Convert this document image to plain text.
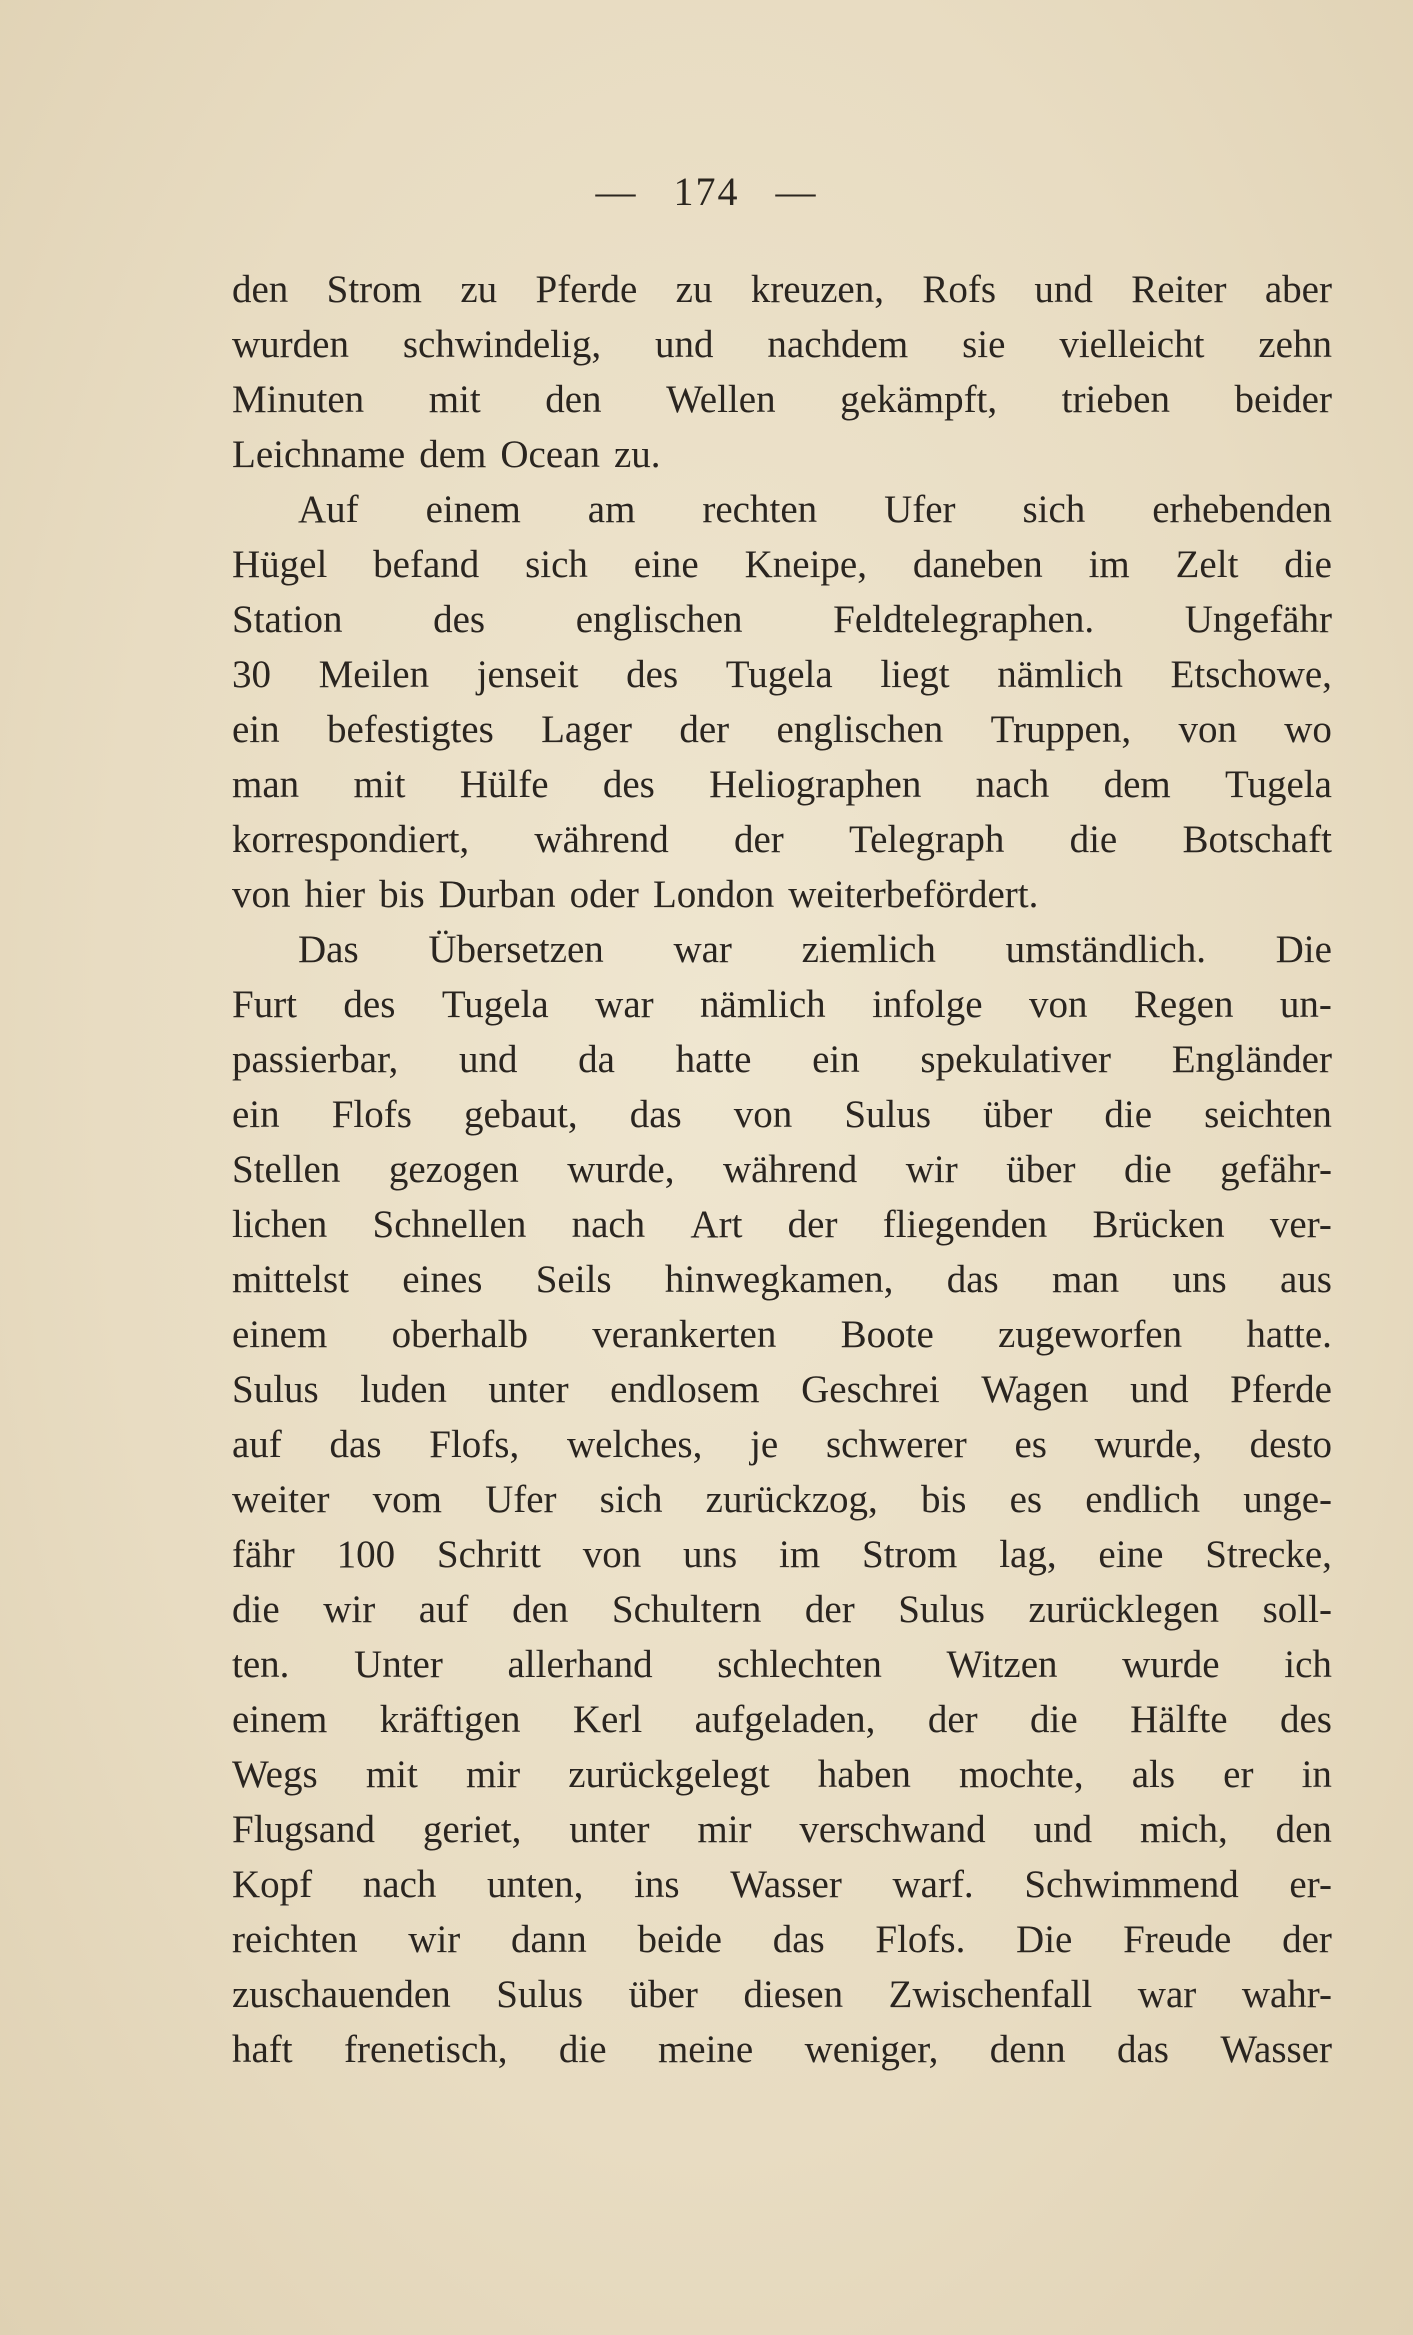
— 174 —
den Strom zu Pferde zu kreuzen, Rofs und Reiter aber
wurden schwindelig, und nachdem sie vielleicht zehn
Minuten mit den Wellen gekämpft, trieben beider
Leichname dem Ocean zu.
Auf einem am rechten Ufer sich erhebenden
Hügel befand sich eine Kneipe, daneben im Zelt die
Station des englischen Feldtelegraphen. Ungefähr
30 Meilen jenseit des Tugela liegt nämlich Etschowe,
ein befestigtes Lager der englischen Truppen, von wo
man mit Hülfe des Heliographen nach dem Tugela
korrespondiert, während der Telegraph die Botschaft
von hier bis Durban oder London weiterbefördert.
Das Übersetzen war ziemlich umständlich. Die
Furt des Tugela war nämlich infolge von Regen un-
passierbar, und da hatte ein spekulativer Engländer
ein Flofs gebaut, das von Sulus über die seichten
Stellen gezogen wurde, während wir über die gefähr-
lichen Schnellen nach Art der fliegenden Brücken ver-
mittelst eines Seils hinwegkamen, das man uns aus
einem oberhalb verankerten Boote zugeworfen hatte.
Sulus luden unter endlosem Geschrei Wagen und Pferde
auf das Flofs, welches, je schwerer es wurde, desto
weiter vom Ufer sich zurückzog, bis es endlich unge-
fähr 100 Schritt von uns im Strom lag, eine Strecke,
die wir auf den Schultern der Sulus zurücklegen soll-
ten. Unter allerhand schlechten Witzen wurde ich
einem kräftigen Kerl aufgeladen, der die Hälfte des
Wegs mit mir zurückgelegt haben mochte, als er in
Flugsand geriet, unter mir verschwand und mich, den
Kopf nach unten, ins Wasser warf. Schwimmend er-
reichten wir dann beide das Flofs. Die Freude der
zuschauenden Sulus über diesen Zwischenfall war wahr-
haft frenetisch, die meine weniger, denn das Wasser
